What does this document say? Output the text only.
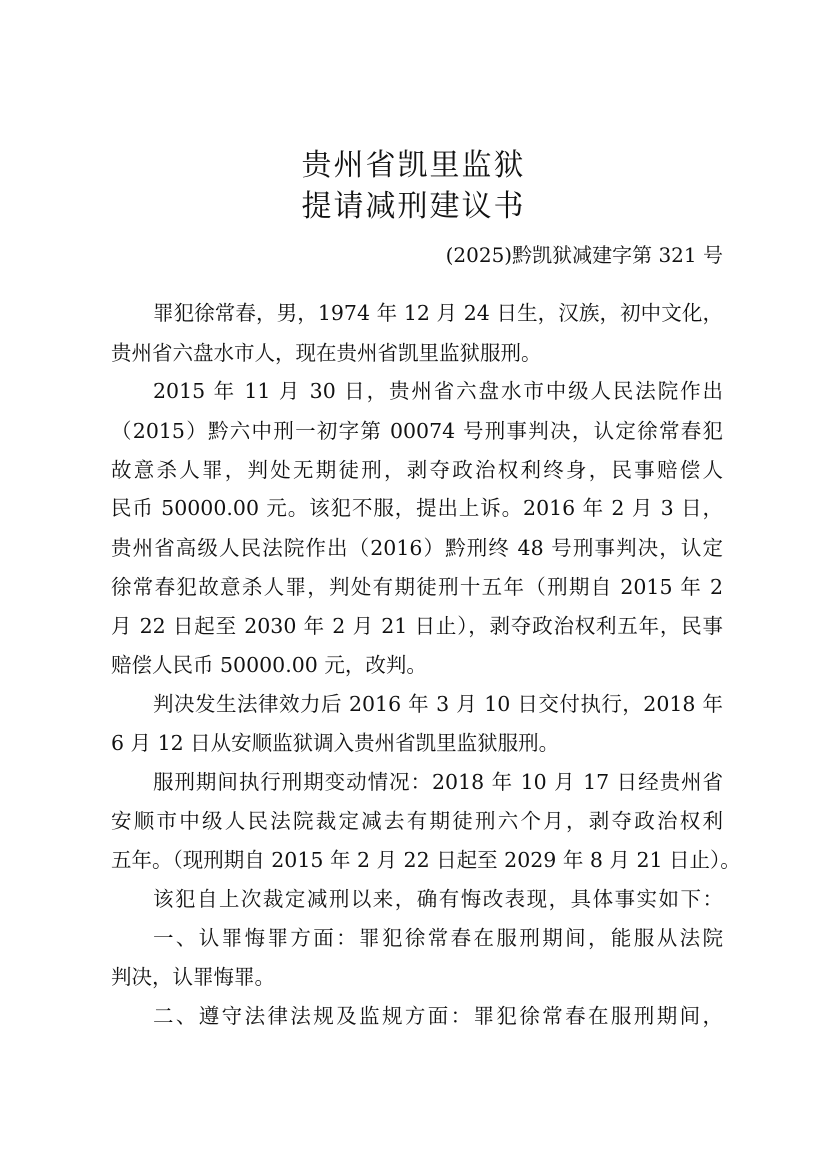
贵州省凯里监狱
提请减刑建议书
(2025)黔凯狱减建字第 321 号
罪犯徐常春，男，1974 年 12 月 24 日生，汉族，初中文化，
贵州省六盘水市人，现在贵州省凯里监狱服刑。
2015 年 11 月 30 日，贵州省六盘水市中级人民法院作出
（2015）黔六中刑一初字第 00074 号刑事判决，认定徐常春犯
故意杀人罪，判处无期徒刑，剥夺政治权利终身，民事赔偿人
民币 50000.00 元。该犯不服，提出上诉。2016 年 2 月 3 日，
贵州省高级人民法院作出（2016）黔刑终 48 号刑事判决，认定
徐常春犯故意杀人罪，判处有期徒刑十五年（刑期自 2015 年 2
月 22 日起至 2030 年 2 月 21 日止），剥夺政治权利五年，民事
赔偿人民币 50000.00 元，改判。
判决发生法律效力后 2016 年 3 月 10 日交付执行，2018 年
6 月 12 日从安顺监狱调入贵州省凯里监狱服刑。
服刑期间执行刑期变动情况：2018 年 10 月 17 日经贵州省
安顺市中级人民法院裁定减去有期徒刑六个月，剥夺政治权利
五年。（现刑期自 2015 年 2 月 22 日起至 2029 年 8 月 21 日止）。
该犯自上次裁定减刑以来，确有悔改表现，具体事实如下：
一、认罪悔罪方面：罪犯徐常春在服刑期间，能服从法院
判决，认罪悔罪。
二、遵守法律法规及监规方面：罪犯徐常春在服刑期间，
